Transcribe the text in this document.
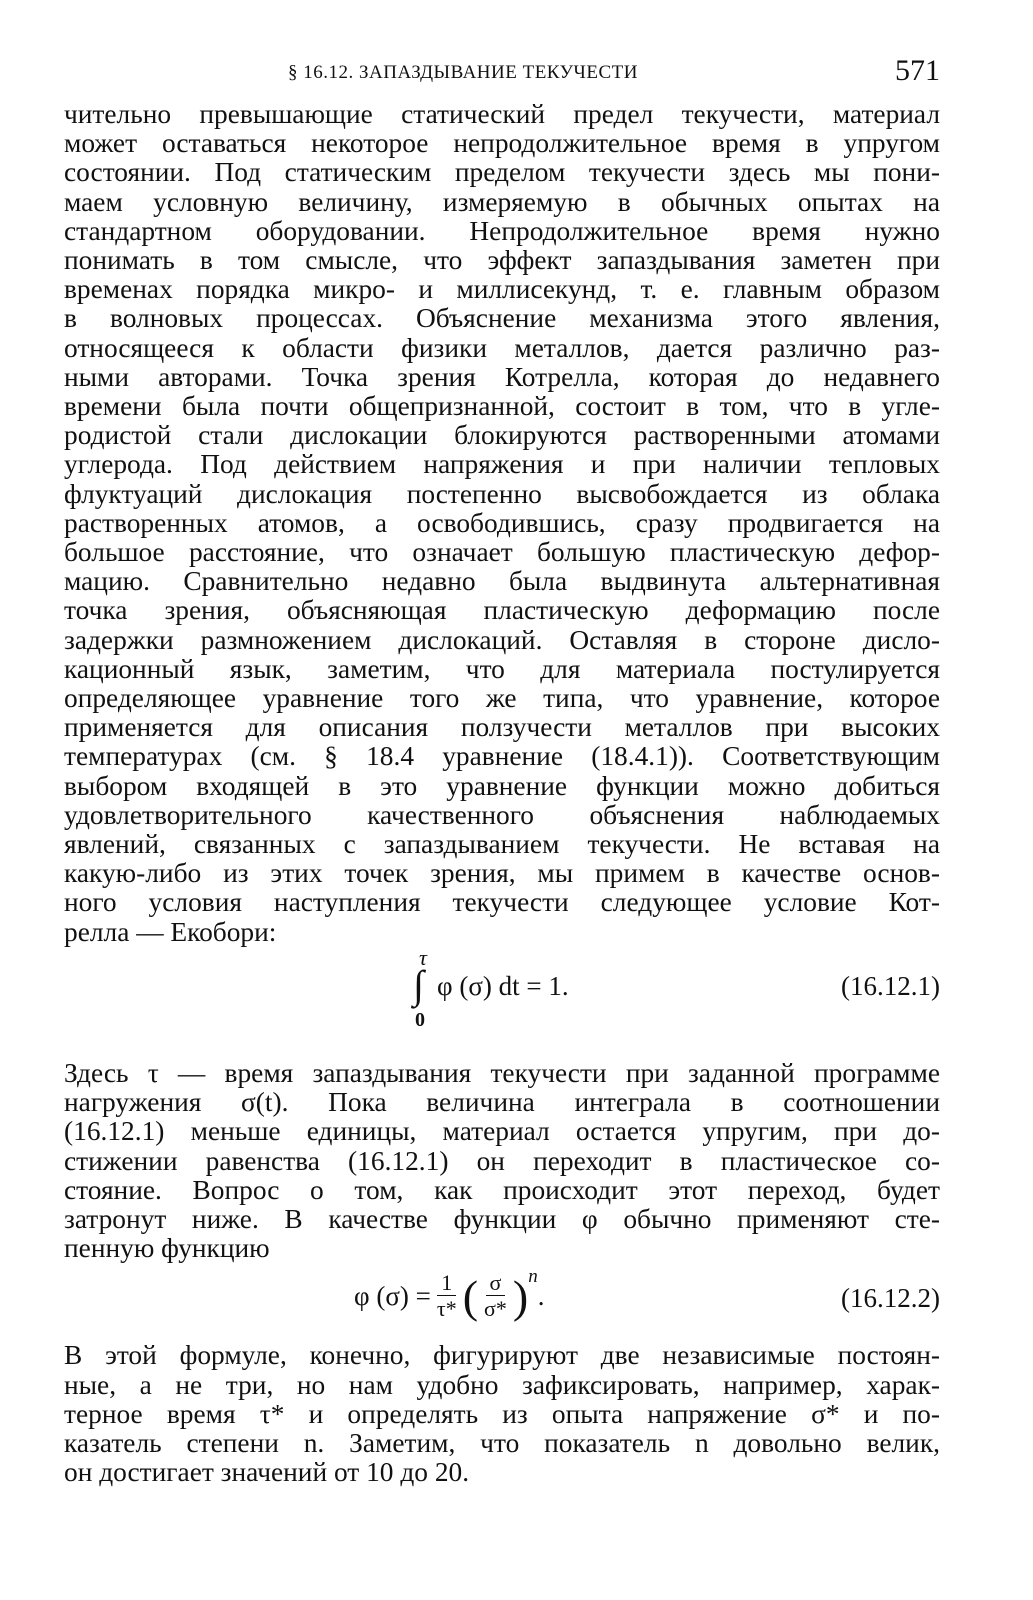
§ 16.12. ЗАПАЗДЫВАНИЕ ТЕКУЧЕСТИ	571

чительно превышающие статический предел текучести, материал
может оставаться некоторое непродолжительное время в упругом
состоянии. Под статическим пределом текучести здесь мы пони-
маем условную величину, измеряемую в обычных опытах на
стандартном оборудовании. Непродолжительное время нужно
понимать в том смысле, что эффект запаздывания заметен при
временах порядка микро- и миллисекунд, т. е. главным образом
в волновых процессах. Объяснение механизма этого явления,
относящееся к области физики металлов, дается различно раз-
ными авторами. Точка зрения Котрелла, которая до недавнего
времени была почти общепризнанной, состоит в том, что в угле-
родистой стали дислокации блокируются растворенными атомами
углерода. Под действием напряжения и при наличии тепловых
флуктуаций дислокация постепенно высвобождается из облака
растворенных атомов, а освободившись, сразу продвигается на
большое расстояние, что означает большую пластическую дефор-
мацию. Сравнительно недавно была выдвинута альтернативная
точка зрения, объясняющая пластическую деформацию после
задержки размножением дислокаций. Оставляя в стороне дисло-
кационный язык, заметим, что для материала постулируется
определяющее уравнение того же типа, что уравнение, которое
применяется для описания ползучести металлов при высоких
температурах (см. § 18.4 уравнение (18.4.1)). Соответствующим
выбором входящей в это уравнение функции можно добиться
удовлетворительного качественного объяснения наблюдаемых
явлений, связанных с запаздыванием текучести. Не вставая на
какую-либо из этих точек зрения, мы примем в качестве основ-
ного условия наступления текучести следующее условие Кот-
релла — Екобори:

τ
∫
0
φ (σ) dt = 1.	(16.12.1)

Здесь τ — время запаздывания текучести при заданной программе
нагружения σ(t). Пока величина интеграла в соотношении
(16.12.1) меньше единицы, материал остается упругим, при до-
стижении равенства (16.12.1) он переходит в пластическое со-
стояние. Вопрос о том, как происходит этот переход, будет
затронут ниже. В качестве функции φ обычно применяют сте-
пенную функцию

φ $(\sigma) = \frac{1}{\tau*}$ ( $\frac{\sigma}{\sigma*}$ ) n
.	(16.12.2)

В этой формуле, конечно, фигурируют две независимые постоян-
ные, а не три, но нам удобно зафиксировать, например, харак-
терное время τ* и определять из опыта напряжение σ* и по-
казатель степени n. Заметим, что показатель n довольно велик,
он достигает значений от 10 до 20.
